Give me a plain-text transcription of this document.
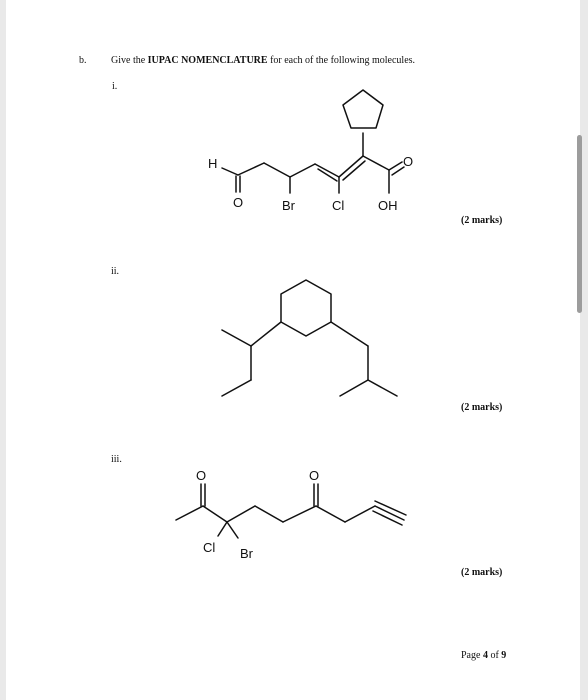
b. Give the IUPAC NOMENCLATURE for each of the following molecules.
i.
H
O	Br	Cl	OH
O
(2 marks)
ii.
(2 marks)
iii.
O	O
Cl Br
(2 marks)
Page 4 of 9
